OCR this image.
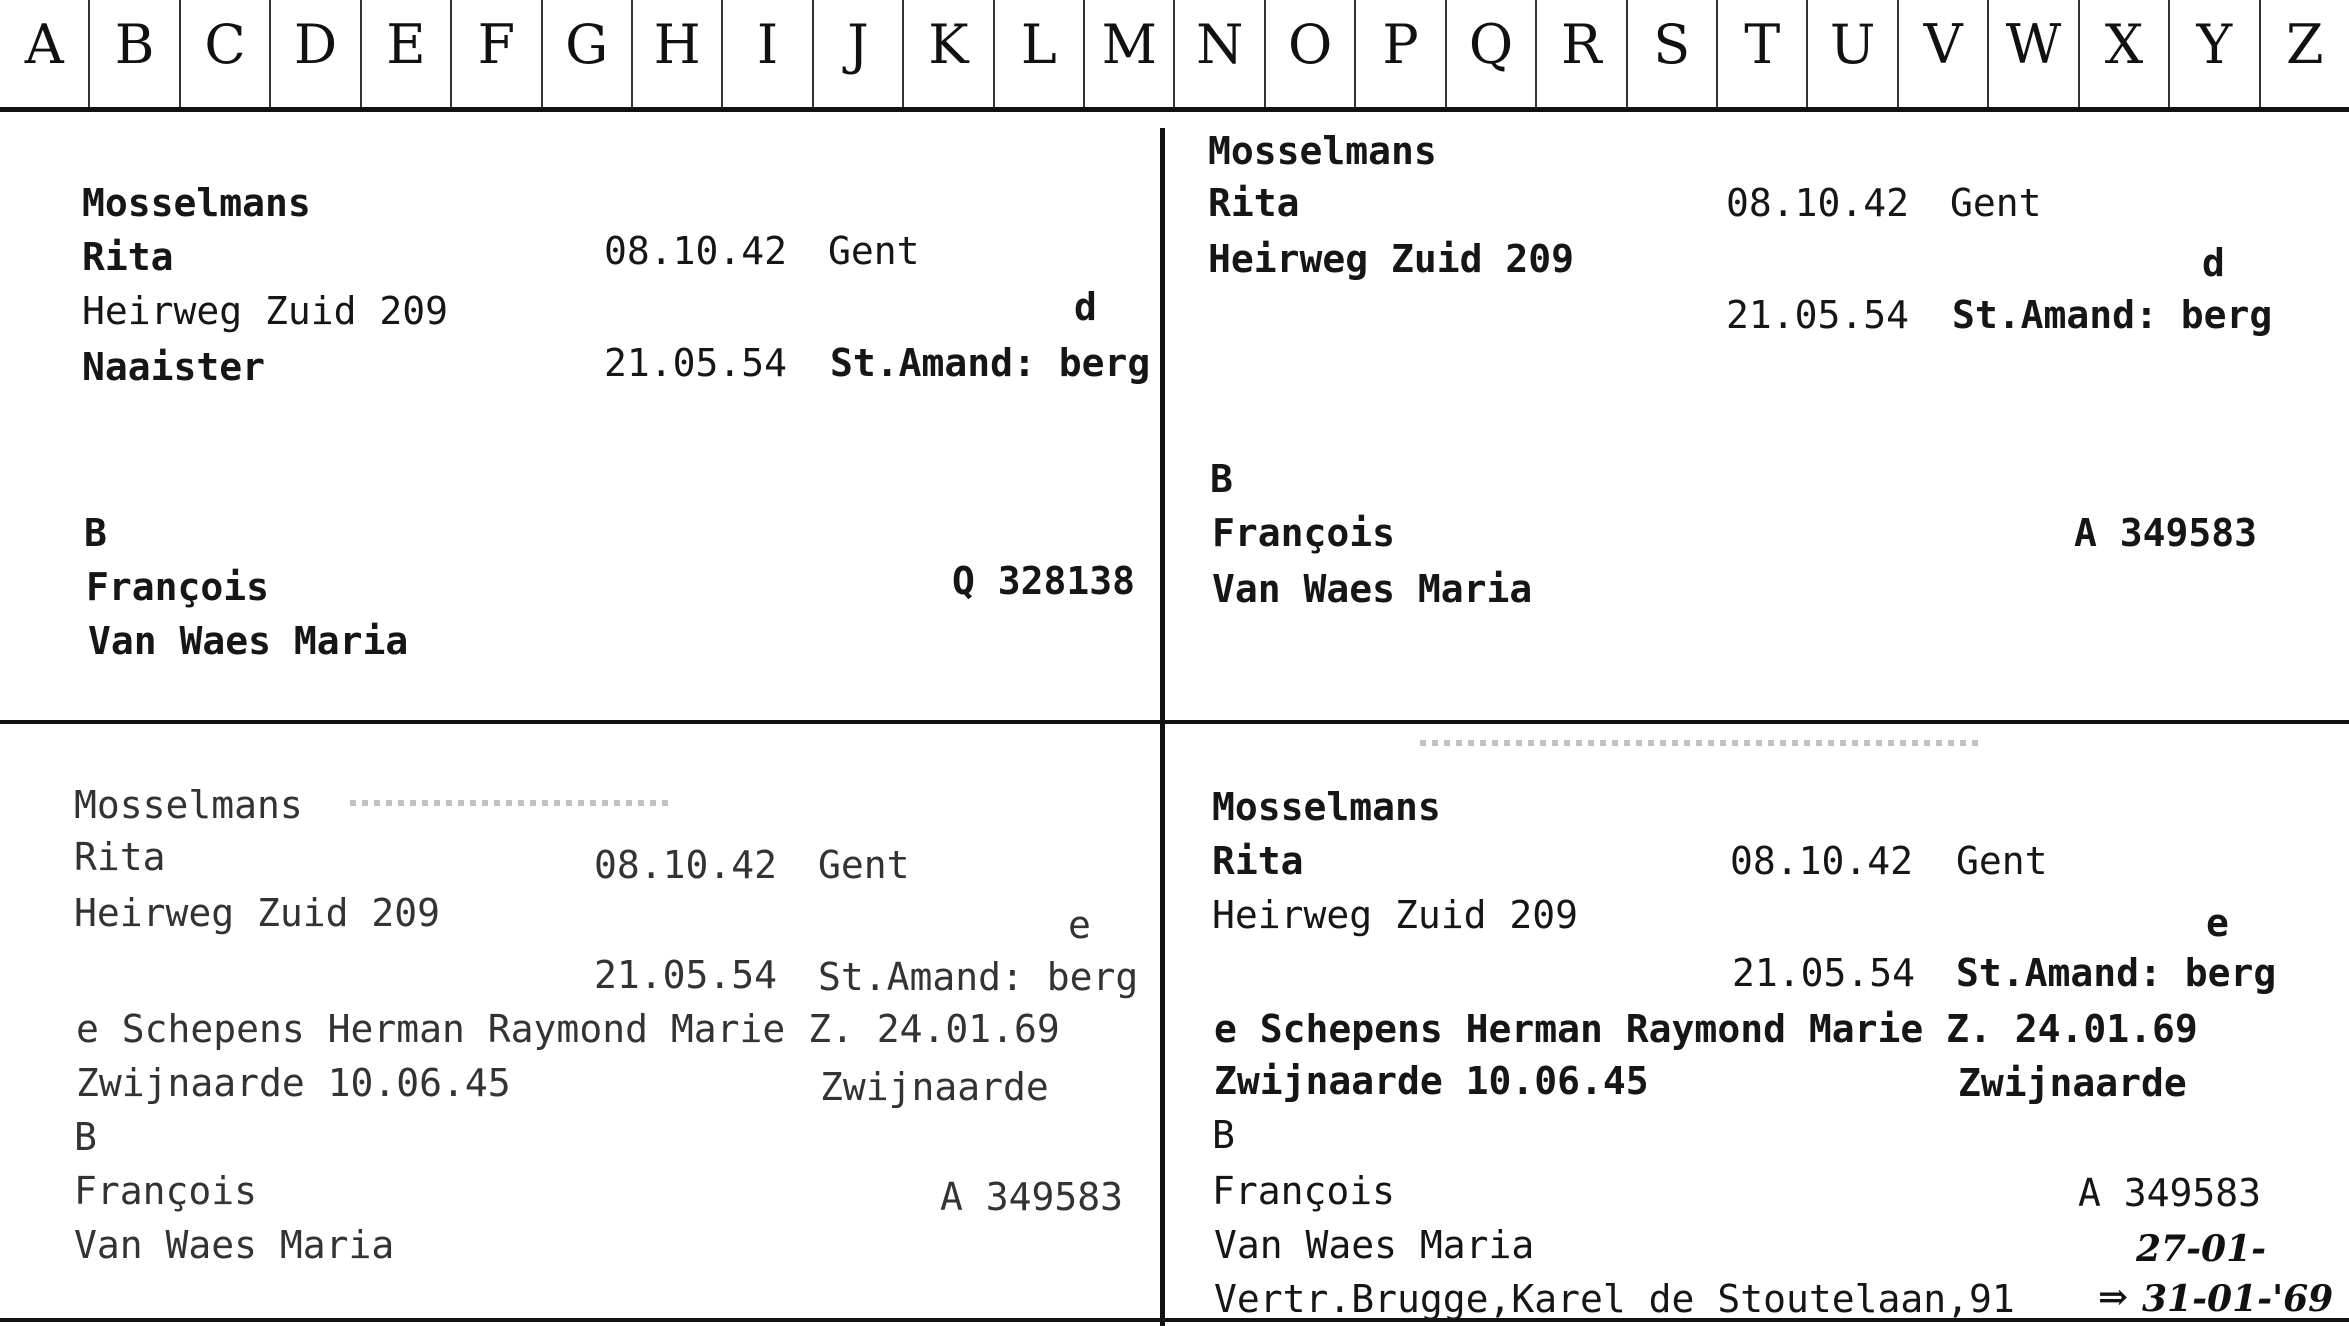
A B C D E F G H	I	J	K L M N O P Q R S T U V W X Y Z
Mosselmans
Rita	08.10.42 Gent
Heirweg Zuid 209	d
Naaister	21.05.54 St.Amand: berg
B
François	Q 328138
Van Waes Maria
Mosselmans
Rita	08.10.42 Gent
Heirweg Zuid 209	d
21.05.54 St.Amand: berg
B
François	A 349583
Van Waes Maria
Mosselmans
Rita	08.10.42 Gent
Heirweg Zuid 209	e
21.05.54 St.Amand: berg
e Schepens Herman Raymond Marie Z. 24.01.69
Zwijnaarde 10.06.45	Zwijnaarde
B
François	A 349583
Van Waes Maria
Mosselmans
Rita	08.10.42 Gent
Heirweg Zuid 209	e
21.05.54 St.Amand: berg
e Schepens Herman Raymond Marie Z. 24.01.69
Zwijnaarde 10.06.45	Zwijnaarde
B
François	A 349583
Van Waes Maria	27-01-
Vertr.Brugge,Karel de Stoutelaan,91 ⇒ 31-01-'69
